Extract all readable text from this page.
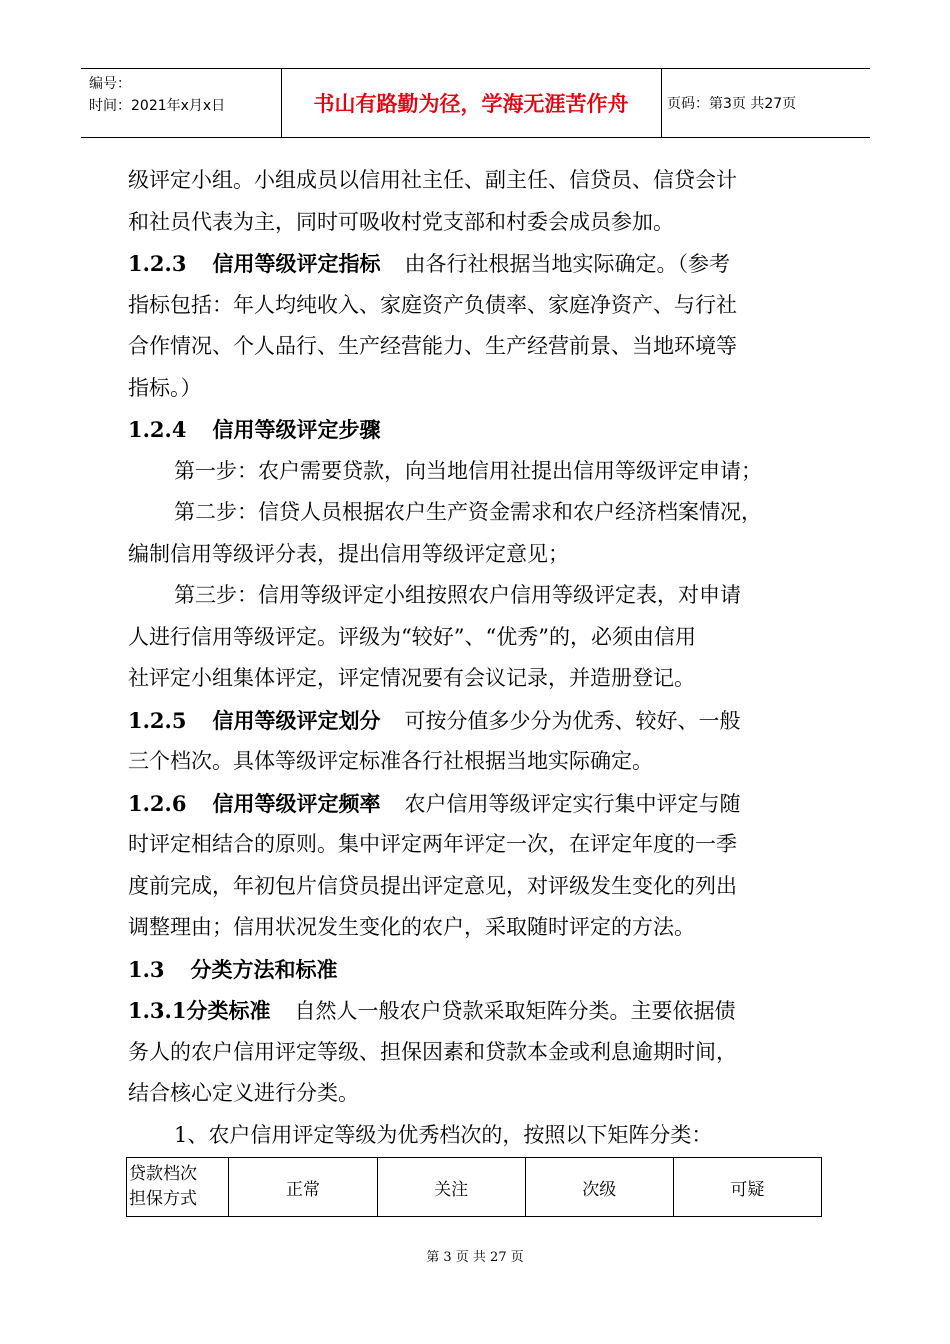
编号：
时间：2021年x月x日	书山有路勤为径，学海无涯苦作舟	页码：第3页 共27页
级评定小组。小组成员以信用社主任、副主任、信贷员、信贷会计
和社员代表为主，同时可吸收村党支部和村委会成员参加。
1.2.3 信用等级评定指标 由各行社根据当地实际确定。（参考
指标包括：年人均纯收入、家庭资产负债率、家庭净资产、与行社
合作情况、个人品行、生产经营能力、生产经营前景、当地环境等
指标。）
1.2.4 信用等级评定步骤
第一步：农户需要贷款，向当地信用社提出信用等级评定申请；
第二步：信贷人员根据农户生产资金需求和农户经济档案情况，
编制信用等级评分表，提出信用等级评定意见；
第三步：信用等级评定小组按照农户信用等级评定表，对申请
人进行信用等级评定。评级为“较好”、“优秀”的，必须由信用
社评定小组集体评定，评定情况要有会议记录，并造册登记。
1.2.5 信用等级评定划分 可按分值多少分为优秀、较好、一般
三个档次。具体等级评定标准各行社根据当地实际确定。
1.2.6 信用等级评定频率 农户信用等级评定实行集中评定与随
时评定相结合的原则。集中评定两年评定一次，在评定年度的一季
度前完成，年初包片信贷员提出评定意见，对评级发生变化的列出
调整理由；信用状况发生变化的农户，采取随时评定的方法。
1.3 分类方法和标准
1.3.1分类标准 自然人一般农户贷款采取矩阵分类。主要依据债
务人的农户信用评定等级、担保因素和贷款本金或利息逾期时间，
结合核心定义进行分类。
1、农户信用评定等级为优秀档次的，按照以下矩阵分类：
贷款档次
担保方式	正常	关注	次级	可疑
第 3 页 共 27 页
